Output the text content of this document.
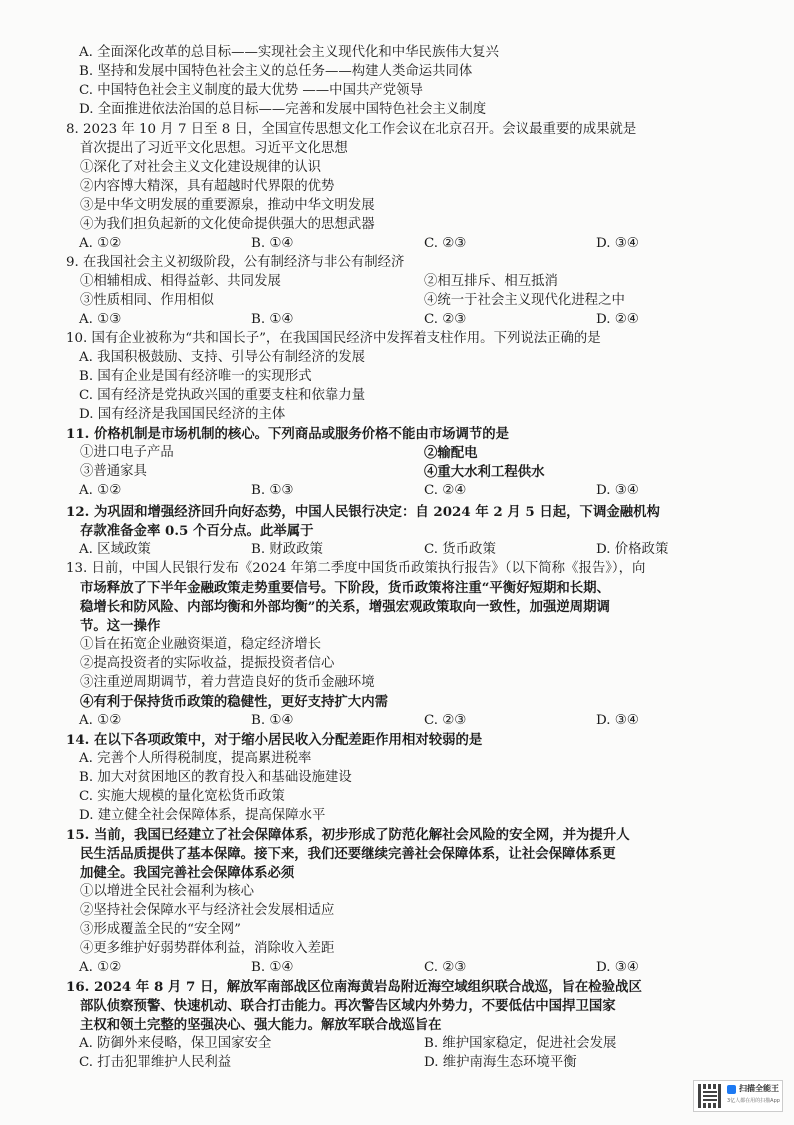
A. 全面深化改革的总目标——实现社会主义现代化和中华民族伟大复兴
B. 坚持和发展中国特色社会主义的总任务——构建人类命运共同体
C. 中国特色社会主义制度的最大优势 ——中国共产党领导
D. 全面推进依法治国的总目标——完善和发展中国特色社会主义制度
8. 2023 年 10 月 7 日至 8 日，全国宣传思想文化工作会议在北京召开。会议最重要的成果就是
首次提出了习近平文化思想。习近平文化思想
①深化了对社会主义文化建设规律的认识
②内容博大精深，具有超越时代界限的优势
③是中华文明发展的重要源泉，推动中华文明发展
④为我们担负起新的文化使命提供强大的思想武器
A. ①②	B. ①④	C. ②③	D. ③④
9. 在我国社会主义初级阶段，公有制经济与非公有制经济
①相辅相成、相得益彰、共同发展	②相互排斥、相互抵消
③性质相同、作用相似	④统一于社会主义现代化进程之中
A. ①③	B. ①④	C. ②③	D. ②④
10. 国有企业被称为“共和国长子”，在我国国民经济中发挥着支柱作用。下列说法正确的是
A. 我国积极鼓励、支持、引导公有制经济的发展
B. 国有企业是国有经济唯一的实现形式
C. 国有经济是党执政兴国的重要支柱和依靠力量
D. 国有经济是我国国民经济的主体
11. 价格机制是市场机制的核心。下列商品或服务价格不能由市场调节的是
①进口电子产品	②输配电
③普通家具	④重大水利工程供水
A. ①②	B. ①③	C. ②④	D. ③④
12. 为巩固和增强经济回升向好态势，中国人民银行决定：自 2024 年 2 月 5 日起，下调金融机构
存款准备金率 0.5 个百分点。此举属于
A. 区域政策	B. 财政政策	C. 货币政策	D. 价格政策
13. 日前，中国人民银行发布《2024 年第二季度中国货币政策执行报告》（以下简称《报告》），向
市场释放了下半年金融政策走势重要信号。下阶段，货币政策将注重“平衡好短期和长期、
稳增长和防风险、内部均衡和外部均衡”的关系，增强宏观政策取向一致性，加强逆周期调
节。这一操作
①旨在拓宽企业融资渠道，稳定经济增长
②提高投资者的实际收益，提振投资者信心
③注重逆周期调节，着力营造良好的货币金融环境
④有利于保持货币政策的稳健性，更好支持扩大内需
A. ①②	B. ①④	C. ②③	D. ③④
14. 在以下各项政策中，对于缩小居民收入分配差距作用相对较弱的是
A. 完善个人所得税制度，提高累进税率
B. 加大对贫困地区的教育投入和基础设施建设
C. 实施大规模的量化宽松货币政策
D. 建立健全社会保障体系，提高保障水平
15. 当前，我国已经建立了社会保障体系，初步形成了防范化解社会风险的安全网，并为提升人
民生活品质提供了基本保障。接下来，我们还要继续完善社会保障体系，让社会保障体系更
加健全。我国完善社会保障体系必须
①以增进全民社会福利为核心
②坚持社会保障水平与经济社会发展相适应
③形成覆盖全民的“安全网”
④更多维护好弱势群体利益，消除收入差距
A. ①②	B. ①④	C. ②③	D. ③④
16. 2024 年 8 月 7 日，解放军南部战区位南海黄岩岛附近海空域组织联合战巡，旨在检验战区
部队侦察预警、快速机动、联合打击能力。再次警告区域内外势力，不要低估中国捍卫国家
主权和领土完整的坚强决心、强大能力。解放军联合战巡旨在
A. 防御外来侵略，保卫国家安全	B. 维护国家稳定，促进社会发展
C. 打击犯罪维护人民利益	D. 维护南海生态环境平衡
扫描全能王
3亿人都在用的扫描App
